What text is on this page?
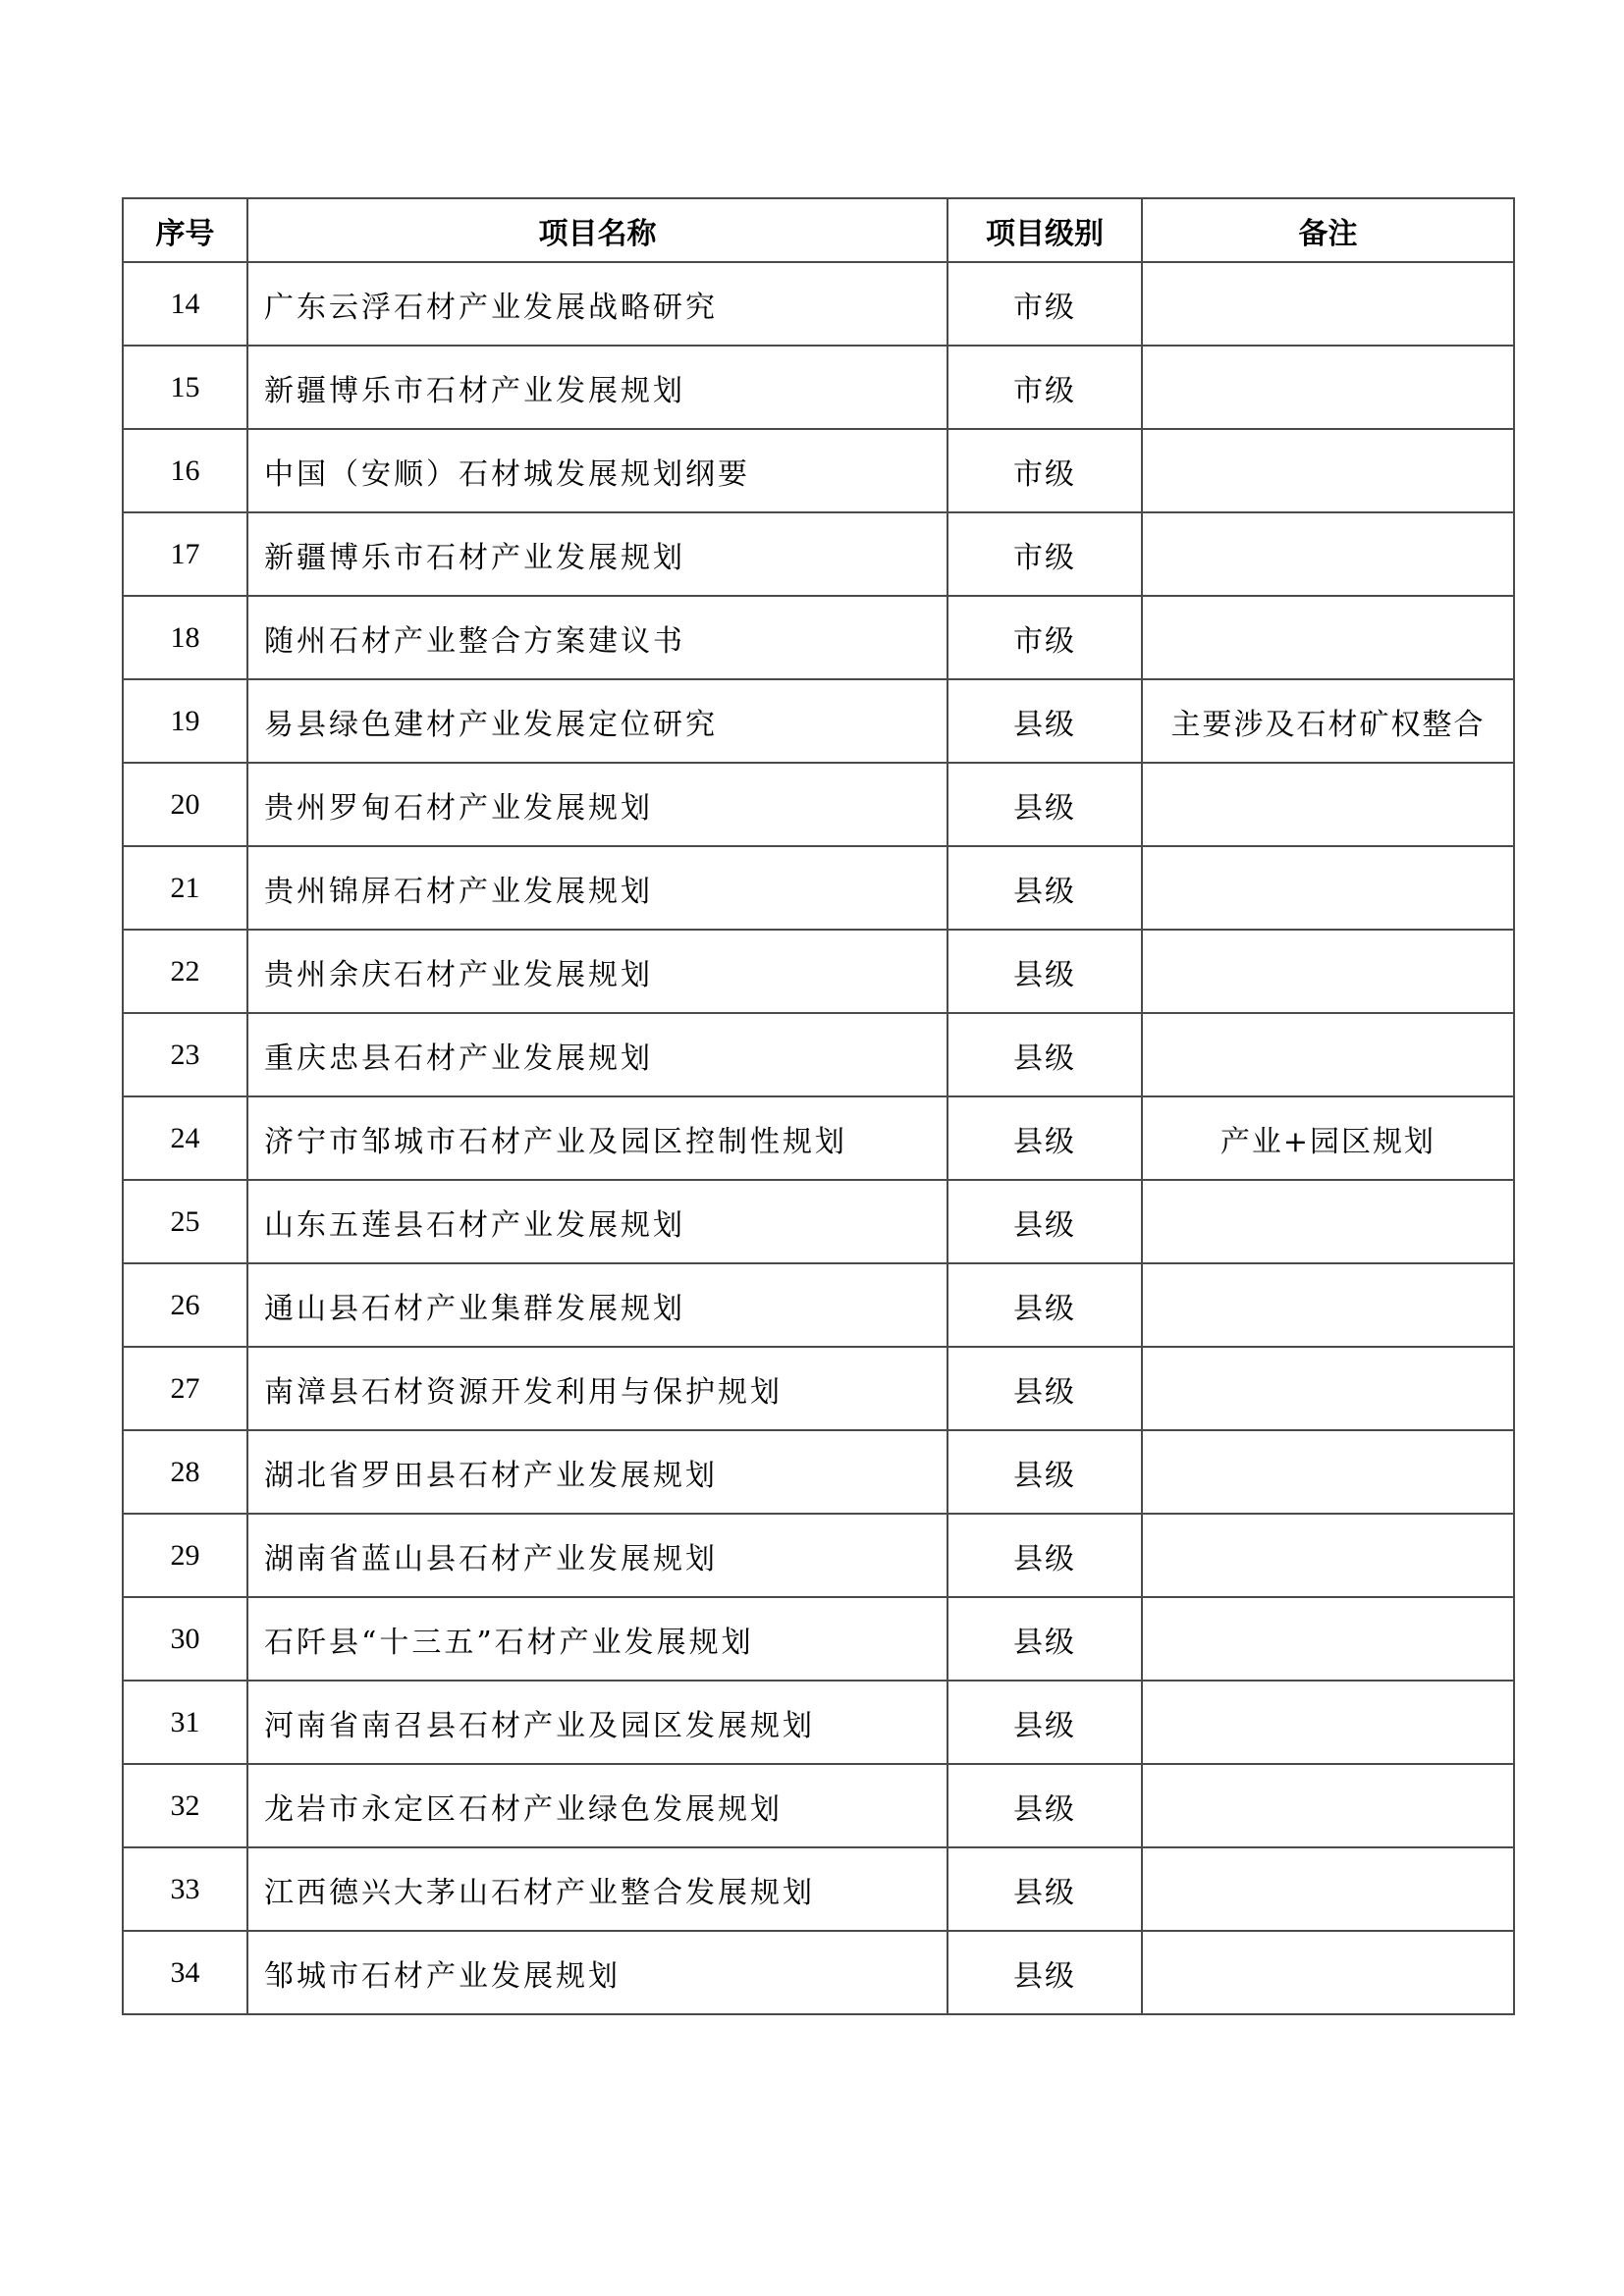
序号	项目名称	项目级别	备注
14	广东云浮石材产业发展战略研究	市级	
15	新疆博乐市石材产业发展规划	市级	
16	中国（安顺）石材城发展规划纲要	市级	
17	新疆博乐市石材产业发展规划	市级	
18	随州石材产业整合方案建议书	市级	
19	易县绿色建材产业发展定位研究	县级	主要涉及石材矿权整合
20	贵州罗甸石材产业发展规划	县级	
21	贵州锦屏石材产业发展规划	县级	
22	贵州余庆石材产业发展规划	县级	
23	重庆忠县石材产业发展规划	县级	
24	济宁市邹城市石材产业及园区控制性规划	县级	产业+园区规划
25	山东五莲县石材产业发展规划	县级	
26	通山县石材产业集群发展规划	县级	
27	南漳县石材资源开发利用与保护规划	县级	
28	湖北省罗田县石材产业发展规划	县级	
29	湖南省蓝山县石材产业发展规划	县级	
30	石阡县“十三五”石材产业发展规划	县级	
31	河南省南召县石材产业及园区发展规划	县级	
32	龙岩市永定区石材产业绿色发展规划	县级	
33	江西德兴大茅山石材产业整合发展规划	县级	
34	邹城市石材产业发展规划	县级	
